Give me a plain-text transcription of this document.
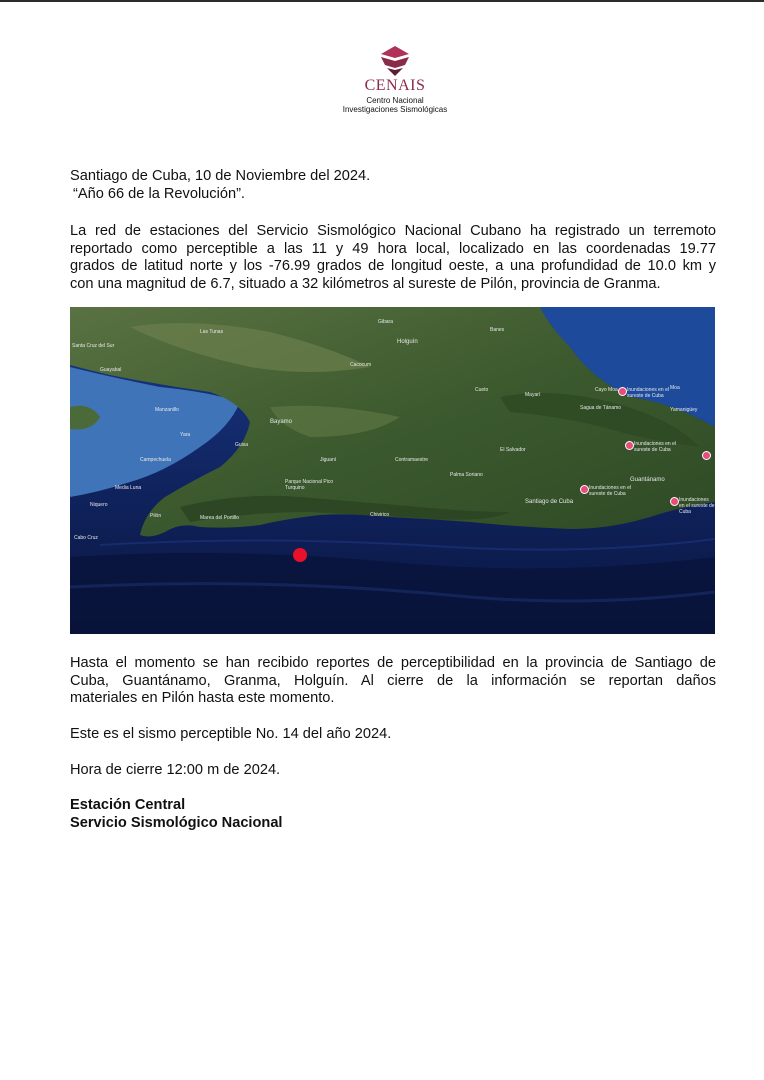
CENAIS
Centro Nacional
Investigaciones Sismológicas
Santiago de Cuba, 10 de Noviembre del 2024.
“Año 66 de la Revolución”.
La red de estaciones del Servicio Sismológico Nacional Cubano ha registrado un terremoto
reportado como perceptible a las 11 y 49 hora local, localizado en las coordenadas 19.77
grados de latitud norte y los -76.99 grados de longitud oeste, a una profundidad de 10.0 km y
con una magnitud de 6.7, situado a 32 kilómetros al sureste de Pilón, provincia de Granma.
Santa Cruz del Sur
Guayabal
Las Tunas
Holguín
Gibara
Banes
Cacocum
Cueto
Mayarí
Sagua de Tánamo
Cayo Moa	Moa
Yamanigüey
Manzanillo
Yara
Bayamo
Guisa
Jiguaní	Contramaestre
Palma Soriano
El Salvador
Campechuela
Media Luna
Niquero
Cabo Cruz
Pilón	Marea del Portillo
Parque Nacional Pico Turquino
Chivirico
Santiago de Cuba
Guantánamo
Inundaciones en el sureste de Cuba
Inundaciones en el sureste de Cuba
Inundaciones en el sureste de Cuba
Inundaciones en el sureste de Cuba
Hasta el momento se han recibido reportes de perceptibilidad en la provincia de Santiago de
Cuba, Guantánamo, Granma, Holguín. Al cierre de la información se reportan daños
materiales en Pilón hasta este momento.
Este es el sismo perceptible No. 14 del año 2024.
Hora de cierre 12:00 m de 2024.
Estación Central
Servicio Sismológico Nacional
